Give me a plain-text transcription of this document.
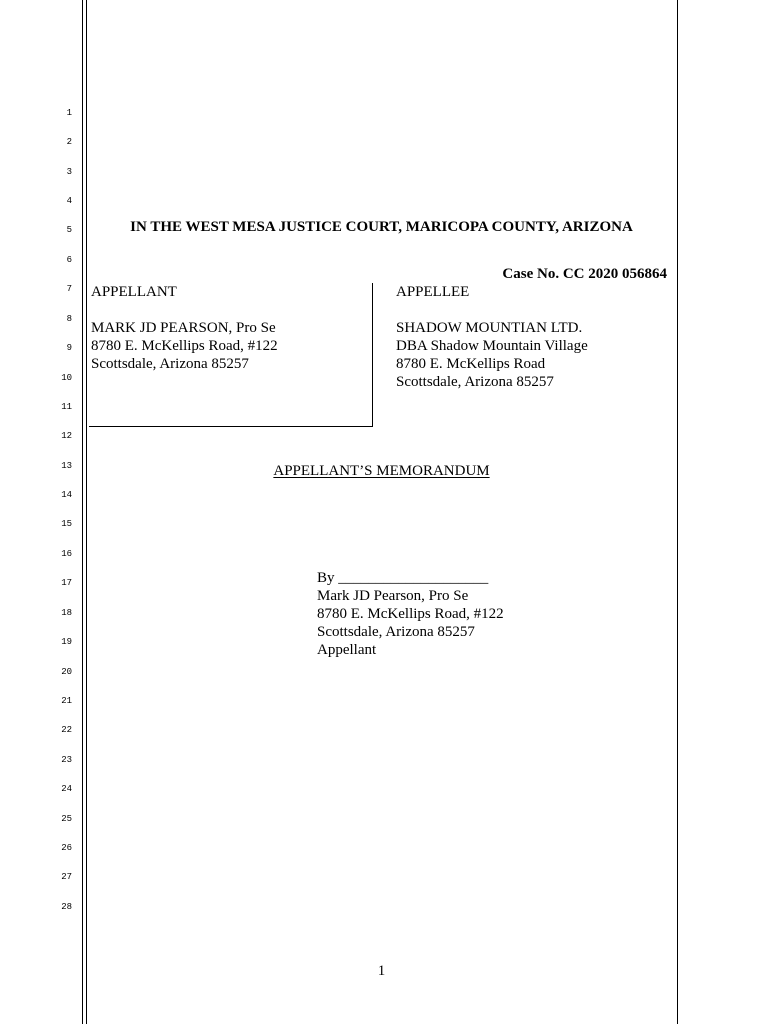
1
2
3
4
5
6
7
8
9
10
11
12
13
14
15
16
17
18
19
20
21
22
23
24
25
26
27
28
IN THE WEST MESA JUSTICE COURT, MARICOPA COUNTY, ARIZONA
Case No. CC 2020 056864
APPELLANT
MARK JD PEARSON, Pro Se
8780 E. McKellips Road, #122
Scottsdale, Arizona 85257
APPELLEE
SHADOW MOUNTIAN LTD.
DBA Shadow Mountain Village
8780 E. McKellips Road
Scottsdale, Arizona 85257
APPELLANT’S MEMORANDUM
By ____________________
Mark JD Pearson, Pro Se
8780 E. McKellips Road, #122
Scottsdale, Arizona 85257
Appellant
1
